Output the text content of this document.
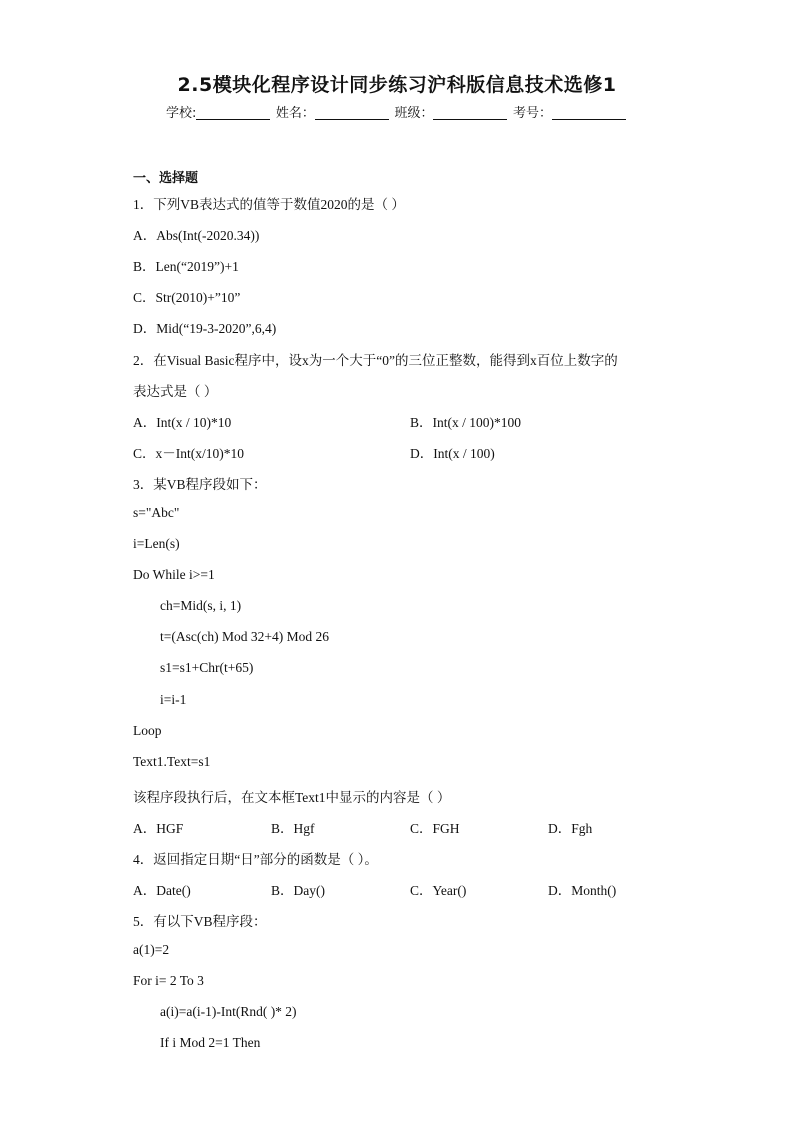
2.5模块化程序设计同步练习沪科版信息技术选修1
学校:	姓名：	班级：	考号：
一、选择题
1．下列VB表达式的值等于数值2020的是（ ）
A．Abs(Int(-2020.34))
B．Len(“2019”)+1
C．Str(2010)+”10”
D．Mid(“19-3-2020”,6,4)
2．在Visual Basic程序中，设x为一个大于“0”的三位正整数，能得到x百位上数字的
表达式是（ ）
A．Int(x / 10)*10	B．Int(x / 100)*100
C．x－Int(x/10)*10	D．Int(x / 100)
3．某VB程序段如下：
s="Abc"
i=Len(s)
Do While i>=1
ch=Mid(s, i, 1)
t=(Asc(ch) Mod 32+4) Mod 26
s1=s1+Chr(t+65)
i=i-1
Loop
Text1.Text=s1
该程序段执行后，在文本框Text1中显示的内容是（ ）
A．HGF	B．Hgf	C．FGH	D．Fgh
4．返回指定日期“日”部分的函数是（ ）。
A．Date()	B．Day()	C．Year()	D．Month()
5．有以下VB程序段：
a(1)=2
For i= 2 To 3
a(i)=a(i-1)-Int(Rnd( )* 2)
If i Mod 2=1 Then
